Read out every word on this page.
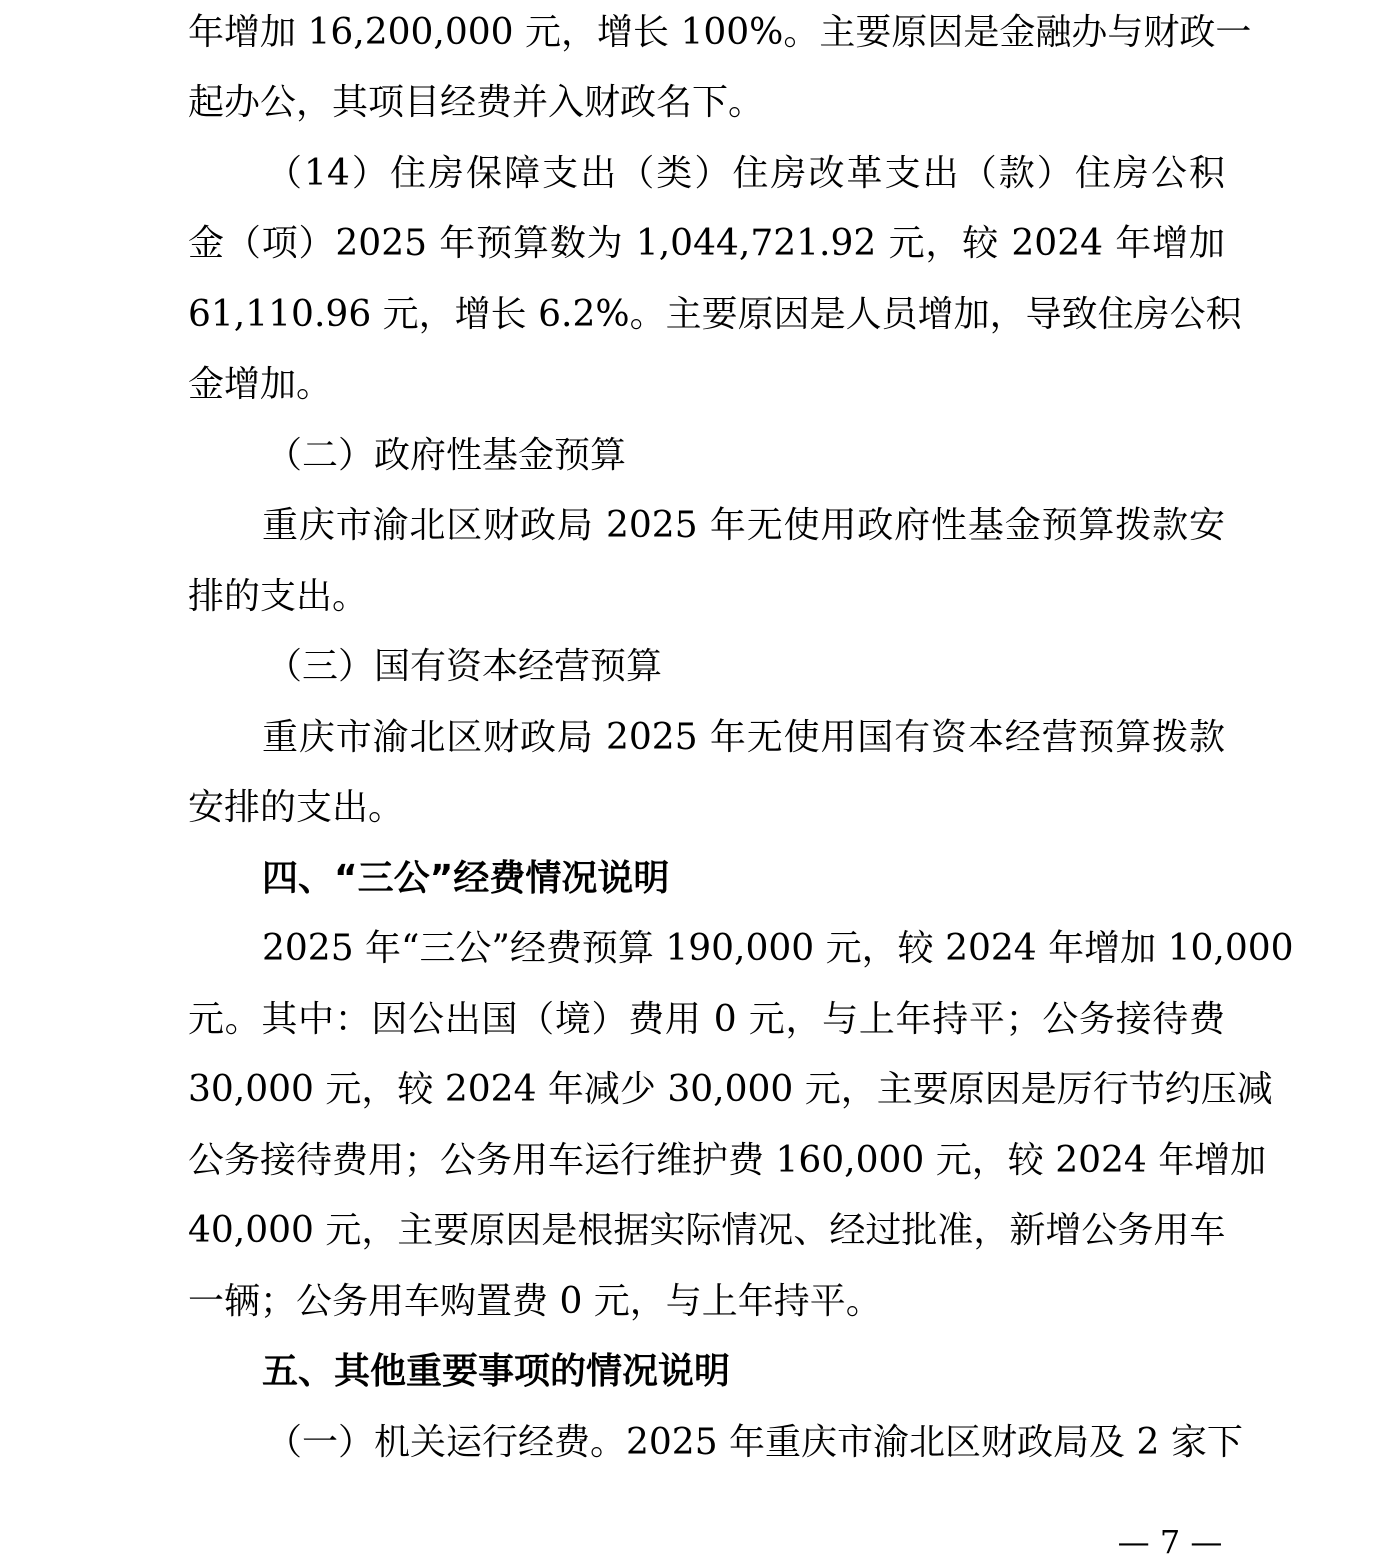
年增加 16,200,000 元，增长 100%。主要原因是金融办与财政一
起办公，其项目经费并入财政名下。
（14）住房保障支出（类）住房改革支出（款）住房公积
金（项）2025 年预算数为 1,044,721.92 元，较 2024 年增加
61,110.96 元，增长 6.2%。主要原因是人员增加，导致住房公积
金增加。
（二）政府性基金预算
重庆市渝北区财政局 2025 年无使用政府性基金预算拨款安
排的支出。
（三）国有资本经营预算
重庆市渝北区财政局 2025 年无使用国有资本经营预算拨款
安排的支出。
四、“三公”经费情况说明
2025 年“三公”经费预算 190,000 元，较 2024 年增加 10,000
元。其中：因公出国（境）费用 0 元，与上年持平；公务接待费
30,000 元，较 2024 年减少 30,000 元，主要原因是厉行节约压减
公务接待费用；公务用车运行维护费 160,000 元，较 2024 年增加
40,000 元，主要原因是根据实际情况、经过批准，新增公务用车
一辆；公务用车购置费 0 元，与上年持平。
五、其他重要事项的情况说明
（一）机关运行经费。2025 年重庆市渝北区财政局及 2 家下
— 7 —
